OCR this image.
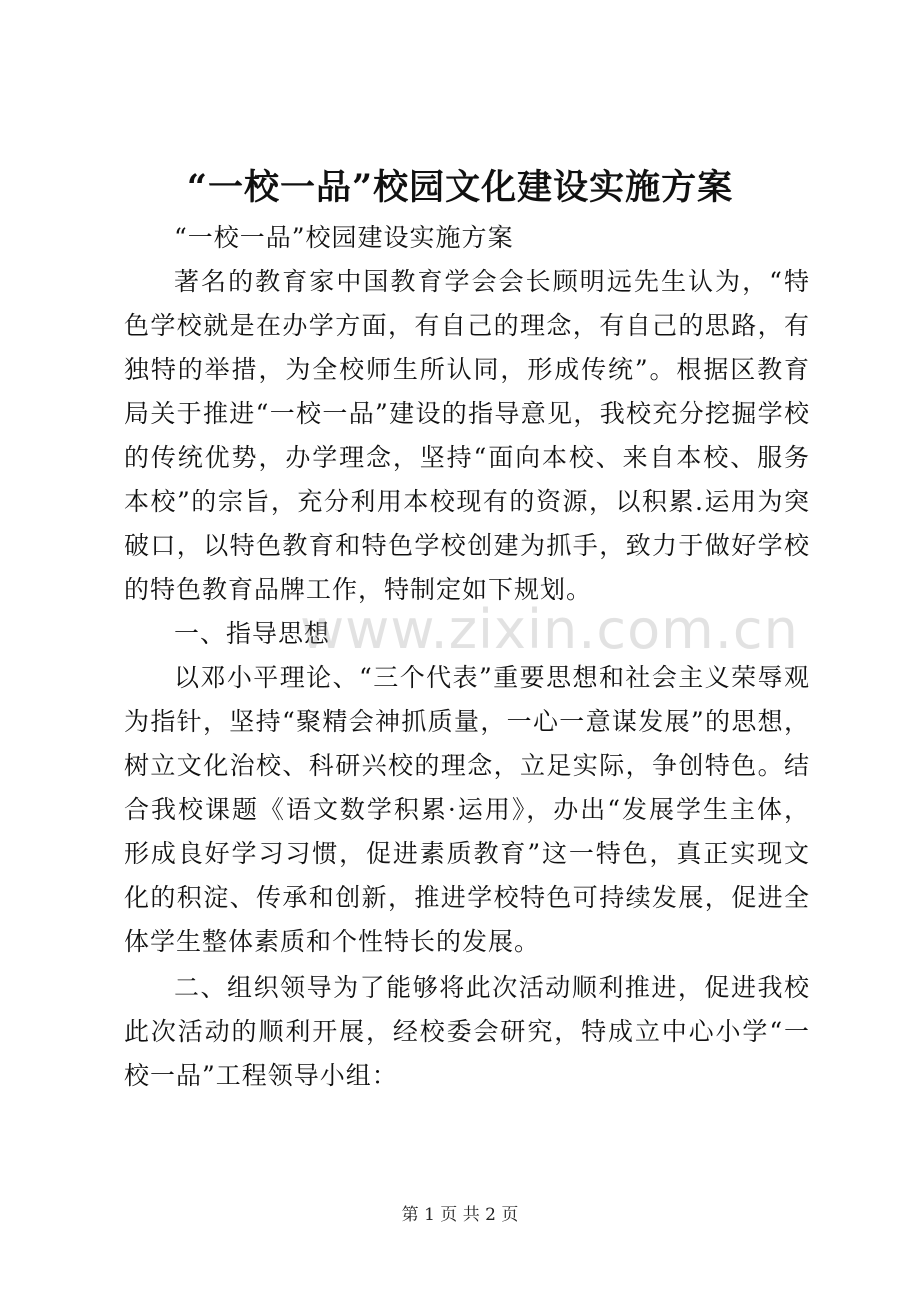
“一校一品”校园文化建设实施方案

“一校一品”校园建设实施方案

著名的教育家中国教育学会会长顾明远先生认为，“特色学校就是在办学方面，有自己的理念，有自己的思路，有独特的举措，为全校师生所认同，形成传统”。根据区教育局关于推进“一校一品”建设的指导意见，我校充分挖掘学校的传统优势，办学理念，坚持“面向本校、来自本校、服务本校”的宗旨，充分利用本校现有的资源，以积累.运用为突破口，以特色教育和特色学校创建为抓手，致力于做好学校的特色教育品牌工作，特制定如下规划。

一、指导思想

以邓小平理论、“三个代表”重要思想和社会主义荣辱观为指针，坚持“聚精会神抓质量，一心一意谋发展”的思想，树立文化治校、科研兴校的理念，立足实际，争创特色。结合我校课题《语文数学积累·运用》，办出“发展学生主体，形成良好学习习惯，促进素质教育”这一特色，真正实现文化的积淀、传承和创新，推进学校特色可持续发展，促进全体学生整体素质和个性特长的发展。

二、组织领导为了能够将此次活动顺利推进，促进我校此次活动的顺利开展，经校委会研究，特成立中心小学“一校一品”工程领导小组：

www.zixin.com.cn
第 1 页 共 2 页
